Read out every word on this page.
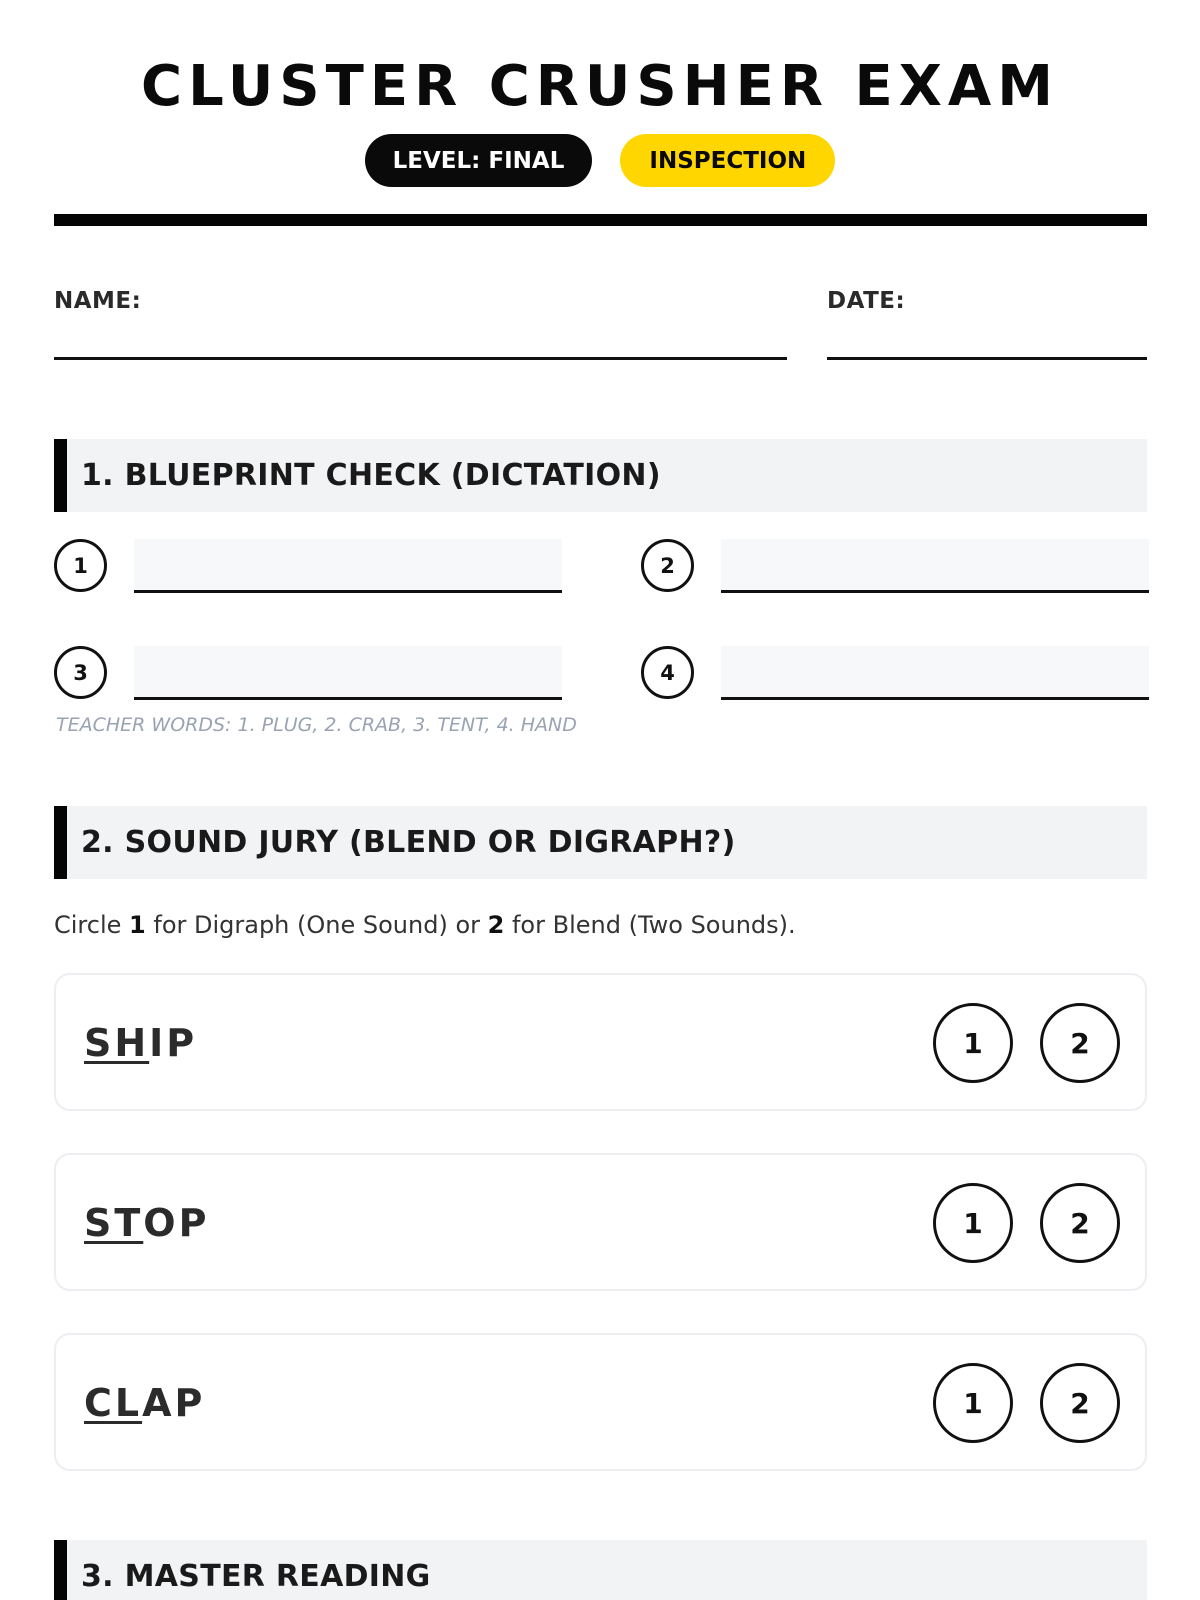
CLUSTER CRUSHER EXAM
LEVEL: FINAL	INSPECTION
NAME:	DATE:
1. BLUEPRINT CHECK (DICTATION)
1	2
3	4
TEACHER WORDS: 1. PLUG, 2. CRAB, 3. TENT, 4. HAND
2. SOUND JURY (BLEND OR DIGRAPH?)
Circle 1 for Digraph (One Sound) or 2 for Blend (Two Sounds).
SHIP	1	2
STOP	1	2
CLAP	1	2
3. MASTER READING
